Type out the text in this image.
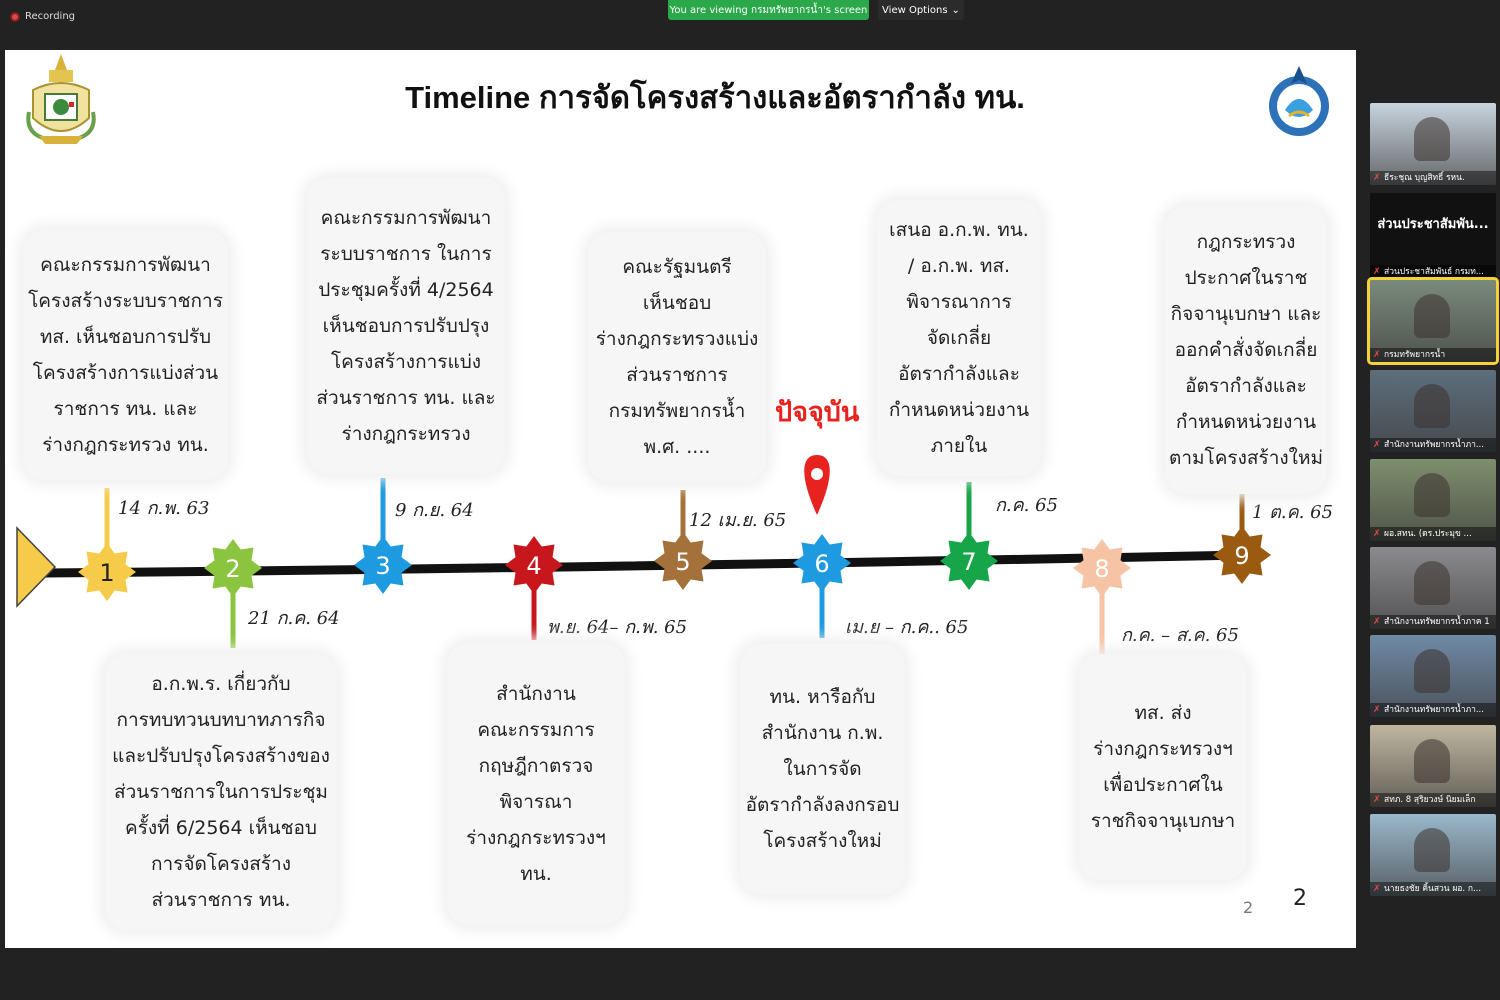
Recording
You are viewing กรมทรัพยากรน้ำ's screen View Options ⌄
Timeline การจัดโครงสร้างและอัตรากำลัง ทน.
1
14 ก.พ. 63
2
21 ก.ค. 64
3
9 ก.ย. 64
4
พ.ย. 64– ก.พ. 65
5
12 เม.ย. 65
6
เม.ย – ก.ค.. 65
7
ก.ค. 65
8
ก.ค. – ส.ค. 65
9
1 ต.ค. 65
คณะกรรมการพัฒนา
โครงสร้างระบบราชการ
ทส. เห็นชอบการปรับ
โครงสร้างการแบ่งส่วน
ราชการ ทน. และ
ร่างกฎกระทรวง ทน.
อ.ก.พ.ร. เกี่ยวกับ
การทบทวนบทบาทภารกิจ
และปรับปรุงโครงสร้างของ
ส่วนราชการในการประชุม
ครั้งที่ 6/2564 เห็นชอบ
การจัดโครงสร้าง
ส่วนราชการ ทน.
คณะกรรมการพัฒนา
ระบบราชการ ในการ
ประชุมครั้งที่ 4/2564
เห็นชอบการปรับปรุง
โครงสร้างการแบ่ง
ส่วนราชการ ทน. และ
ร่างกฎกระทรวง
สำนักงาน
คณะกรรมการ
กฤษฎีกาตรวจ
พิจารณา
ร่างกฎกระทรวงฯ
ทน.
คณะรัฐมนตรี
เห็นชอบ
ร่างกฎกระทรวงแบ่ง
ส่วนราชการ
กรมทรัพยากรน้ำ
พ.ศ. ....
ทน. หารือกับ
สำนักงาน ก.พ.
ในการจัด
อัตรากำลังลงกรอบ
โครงสร้างใหม่
เสนอ อ.ก.พ. ทน.
/ อ.ก.พ. ทส.
พิจารณาการ
จัดเกลี่ย
อัตรากำลังและ
กำหนดหน่วยงาน
ภายใน
ทส. ส่ง
ร่างกฎกระทรวงฯ
เพื่อประกาศใน
ราชกิจจานุเบกษา
กฎกระทรวง
ประกาศในราช
กิจจานุเบกษา และ
ออกคำสั่งจัดเกลี่ย
อัตรากำลังและ
กำหนดหน่วยงาน
ตามโครงสร้างใหม่
ปัจจุบัน
2 2
✗ ธีระชุณ บุญสิทธิ์ รหน.
ส่วนประชาสัมพัน...
✗ ส่วนประชาสัมพันธ์ กรมท...
✗ กรมทรัพยากรน้ำ
✗ สำนักงานทรัพยากรน้ำภา...
✗ ผอ.สทน. (ดร.ประมุข ...
✗ สำนักงานทรัพยากรน้ำภาค 1
✗ สำนักงานทรัพยากรน้ำภา...
✗ สทภ. 8 สุริยวงษ์ นิยมเล็ก
✗ นายธงชัย คิ้นสวน ผอ. ก...
